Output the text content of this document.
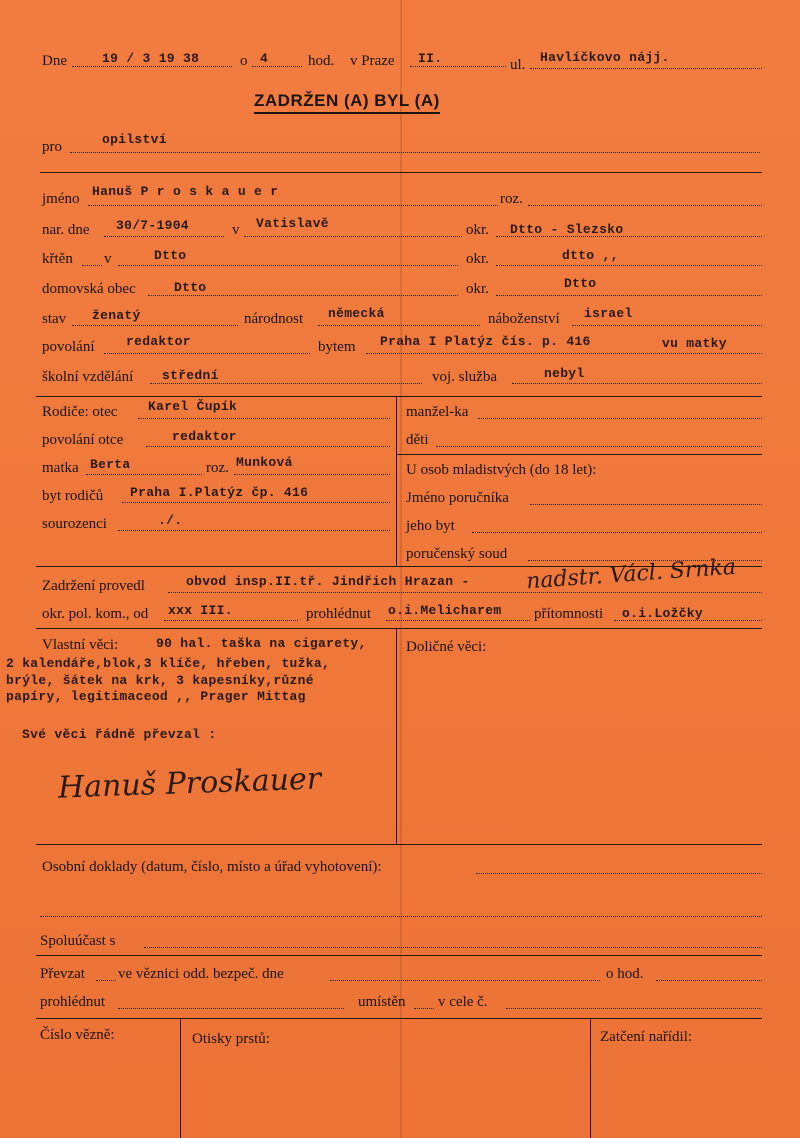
Dne	19 / 3 19 38	o 4	hod. v Praze II.	ul. Havlíčkovo nájj.
ZADRŽEN (A) BYL (A)
pro	opilství
jméno Hanuš P r o s k a u e r	roz.
nar. dne 30/7-1904	v Vatislavě	okr. Dtto - Slezsko
křtěn v	Dtto	okr.	dtto ,,
domovská obec	Dtto	okr.	Dtto
stav ženatý	národnost německá	náboženství israel
povolání redaktor	bytem Praha I Platýz čís. p. 416	vu matky
školní vzdělání střední	voj. služba	nebyl
Rodiče: otec Karel Čupík	manžel-ka
povolání otce	redaktor	děti
matka Berta	roz. Munková	U osob mladistvých (do 18 let):
byt rodičů Praha I.Platýz čp. 416	Jméno poručníka
sourozenci	./.	jeho byt
poručenský soud
Zadržení provedl	obvod insp.II.tř. Jindřich Hrazan -	nadstr. Václ. Srnka
okr. pol. kom., od xxx III.	prohlédnut o.i.Melicharem přítomnosti o.i.Ložčky
Vlastní věci:	90 hal. taška na cigarety,
2 kalendáře,blok,3 klíče, hřeben, tužka,
brýle, šátek na krk, 3 kapesníky,různé
papíry, legitimaceod ,, Prager Mittag
Své věci řádně převzal :
Hanuš Proskauer
Doličné věci:
Osobní doklady (datum, číslo, místo a úřad vyhotovení):
Spoluúčast s
Převzat ve věznici odd. bezpeč. dne	o hod.
prohlédnut	umístěn v cele č.
Číslo vězně:	Otisky prstů:	Zatčení nařídil:
